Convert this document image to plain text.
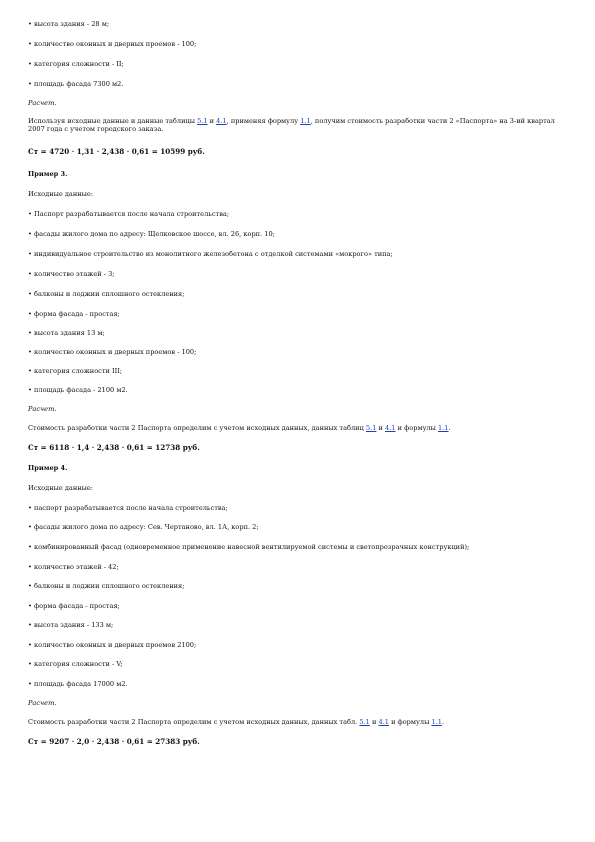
• высота здания - 28 м;
• количество оконных и дверных проемов - 100;
• категория сложности - II;
• площадь фасада 7300 м2.
Расчет.
Используя исходные данные и данные таблицы 5.1 и 4.1, применяя формулу 1.1, получим стоимость разработки части 2 «Паспорта» на 3-ий квартал 2007 года с учетом городского заказа.
Ст = 4720 · 1,31 · 2,438 · 0,61 = 10599 руб.
Пример 3.
Исходные данные:
• Паспорт разрабатывается после начала строительства;
• фасады жилого дома по адресу: Щелковское шоссе, вл. 26, корп. 10;
• индивидуальное строительство из монолитного железобетона с отделкой системами «мокрого» типа;
• количество этажей - 3;
• балконы и лоджии сплошного остекления;
• форма фасада - простая;
• высота здания 13 м;
• количество оконных и дверных проемов - 100;
• категория сложности III;
• площадь фасада - 2100 м2.
Расчет.
Стоимость разработки части 2 Паспорта определим с учетом исходных данных, данных таблиц 5.1 и 4.1 и формулы 1.1.
Ст = 6118 · 1,4 · 2,438 · 0,61 = 12738 руб.
Пример 4.
Исходные данные:
• паспорт разрабатывается после начала строительства;
• фасады жилого дома по адресу: Сев. Чертаново, вл. 1А, корп. 2;
• комбинированный фасад (одновременное применение навесной вентилируемой системы и светопрозрачных конструкций);
• количество этажей - 42;
• балконы и лоджии сплошного остекления;
• форма фасада - простая;
• высота здания - 133 м;
• количество оконных и дверных проемов 2100;
• категория сложности - V;
• площадь фасада 17000 м2.
Расчет.
Стоимость разработки части 2 Паспорта определим с учетом исходных данных, данных табл. 5.1 и 4.1 и формулы 1.1.
Ст = 9207 · 2,0 · 2,438 · 0,61 = 27383 руб.
